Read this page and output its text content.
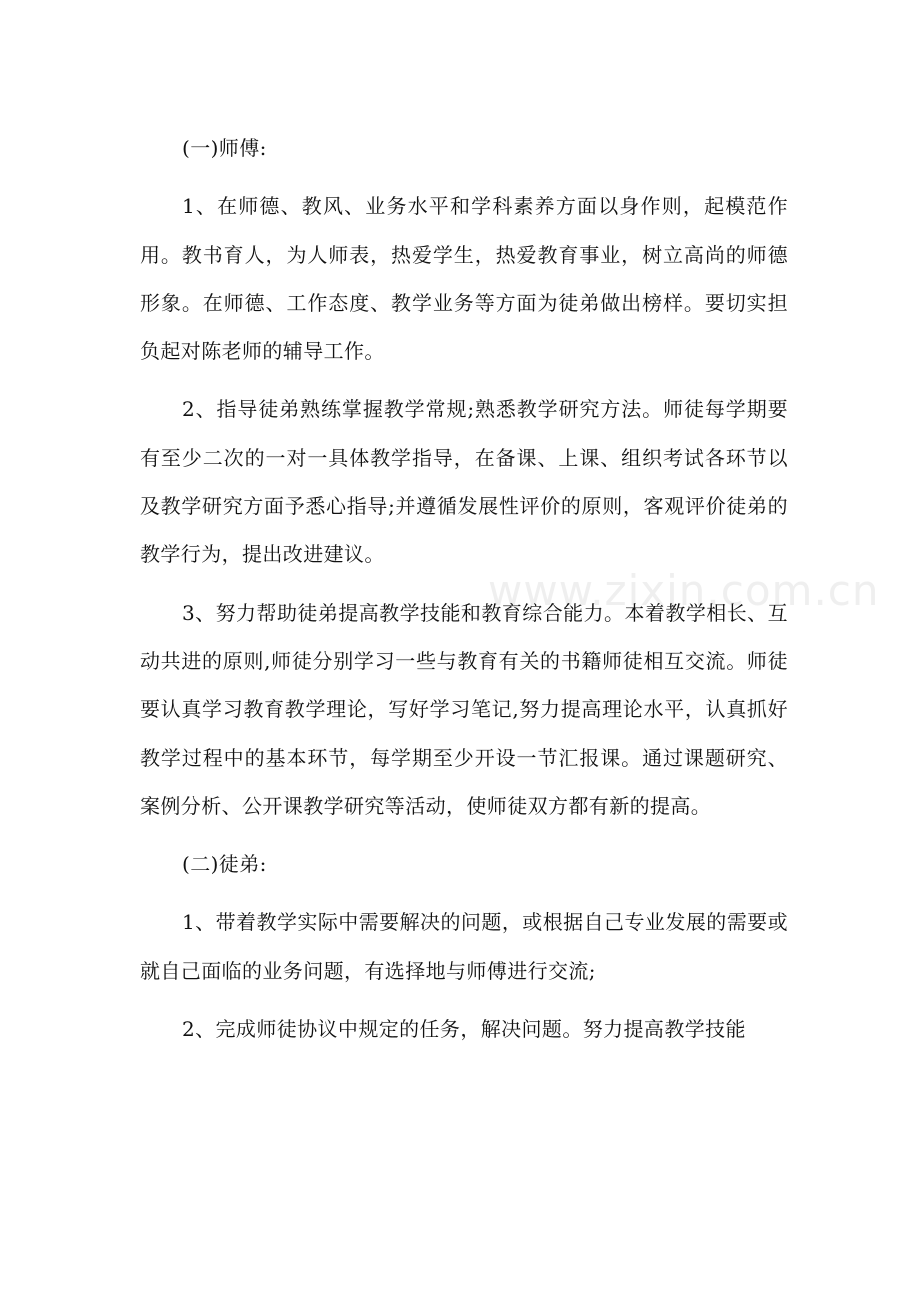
www.zixin.com.cn

(一)师傅:

1、在师德、教风、业务水平和学科素养方面以身作则，起模范作用。教书育人，为人师表，热爱学生，热爱教育事业，树立高尚的师德形象。在师德、工作态度、教学业务等方面为徒弟做出榜样。要切实担负起对陈老师的辅导工作。

2、指导徒弟熟练掌握教学常规;熟悉教学研究方法。师徒每学期要有至少二次的一对一具体教学指导，在备课、上课、组织考试各环节以及教学研究方面予悉心指导;并遵循发展性评价的原则，客观评价徒弟的教学行为，提出改进建议。

3、努力帮助徒弟提高教学技能和教育综合能力。本着教学相长、互动共进的原则,师徒分别学习一些与教育有关的书籍师徒相互交流。师徒要认真学习教育教学理论，写好学习笔记,努力提高理论水平，认真抓好教学过程中的基本环节，每学期至少开设一节汇报课。通过课题研究、案例分析、公开课教学研究等活动，使师徒双方都有新的提高。

(二)徒弟:

1、带着教学实际中需要解决的问题，或根据自己专业发展的需要或就自己面临的业务问题，有选择地与师傅进行交流;

2、完成师徒协议中规定的任务，解决问题。努力提高教学技能
